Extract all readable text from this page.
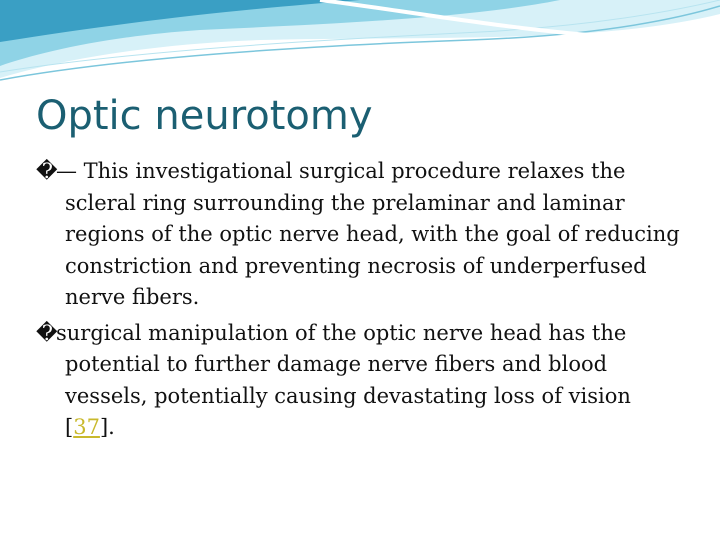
Optic neurotomy

�— This investigational surgical procedure relaxes the scleral ring surrounding the prelaminar and laminar regions of the optic nerve head, with the goal of reducing constriction and preventing necrosis of underperfused nerve fibers.

�surgical manipulation of the optic nerve head has the potential to further damage nerve fibers and blood vessels, potentially causing devastating loss of vision [37].
